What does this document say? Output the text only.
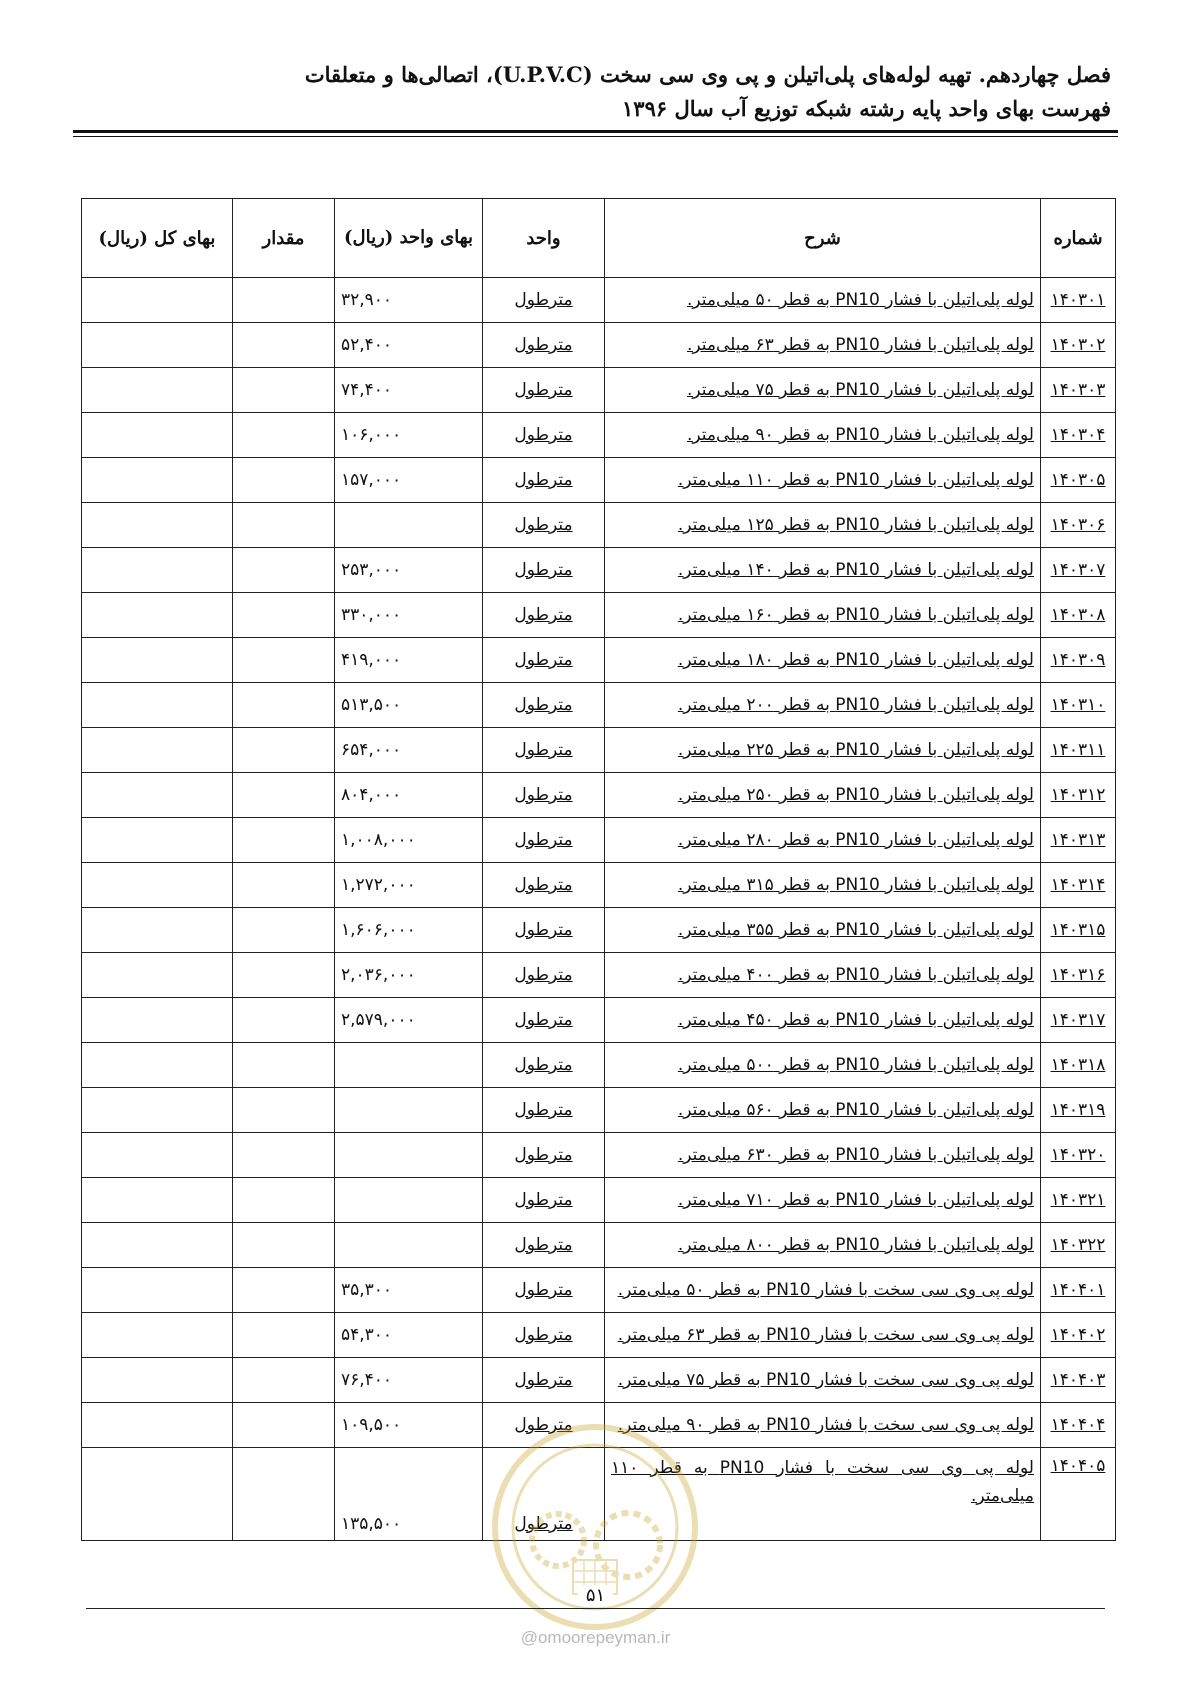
فصل چهاردهم. تهیه لوله‌های پلی‌اتیلن و پی وی سی سخت (U.P.V.C)، اتصالی‌ها و متعلقات
فهرست بهای واحد پایه رشته شبکه توزیع آب سال ۱۳۹۶
شماره	شرح	واحد	بهای واحد (ریال)	مقدار	بهای کل (ریال)
۱۴۰۳۰۱	لوله پلی‌اتیلن با فشار PN10 به قطر ۵۰ میلی‌متر.	مترطول	۳۲,۹۰۰		
۱۴۰۳۰۲	لوله پلی‌اتیلن با فشار PN10 به قطر ۶۳ میلی‌متر.	مترطول	۵۲,۴۰۰		
۱۴۰۳۰۳	لوله پلی‌اتیلن با فشار PN10 به قطر ۷۵ میلی‌متر.	مترطول	۷۴,۴۰۰		
۱۴۰۳۰۴	لوله پلی‌اتیلن با فشار PN10 به قطر ۹۰ میلی‌متر.	مترطول	۱۰۶,۰۰۰		
۱۴۰۳۰۵	لوله پلی‌اتیلن با فشار PN10 به قطر ۱۱۰ میلی‌متر.	مترطول	۱۵۷,۰۰۰		
۱۴۰۳۰۶	لوله پلی‌اتیلن با فشار PN10 به قطر ۱۲۵ میلی‌متر.	مترطول			
۱۴۰۳۰۷	لوله پلی‌اتیلن با فشار PN10 به قطر ۱۴۰ میلی‌متر.	مترطول	۲۵۳,۰۰۰		
۱۴۰۳۰۸	لوله پلی‌اتیلن با فشار PN10 به قطر ۱۶۰ میلی‌متر.	مترطول	۳۳۰,۰۰۰		
۱۴۰۳۰۹	لوله پلی‌اتیلن با فشار PN10 به قطر ۱۸۰ میلی‌متر.	مترطول	۴۱۹,۰۰۰		
۱۴۰۳۱۰	لوله پلی‌اتیلن با فشار PN10 به قطر ۲۰۰ میلی‌متر.	مترطول	۵۱۳,۵۰۰		
۱۴۰۳۱۱	لوله پلی‌اتیلن با فشار PN10 به قطر ۲۲۵ میلی‌متر.	مترطول	۶۵۴,۰۰۰		
۱۴۰۳۱۲	لوله پلی‌اتیلن با فشار PN10 به قطر ۲۵۰ میلی‌متر.	مترطول	۸۰۴,۰۰۰		
۱۴۰۳۱۳	لوله پلی‌اتیلن با فشار PN10 به قطر ۲۸۰ میلی‌متر.	مترطول	۱,۰۰۸,۰۰۰		
۱۴۰۳۱۴	لوله پلی‌اتیلن با فشار PN10 به قطر ۳۱۵ میلی‌متر.	مترطول	۱,۲۷۲,۰۰۰		
۱۴۰۳۱۵	لوله پلی‌اتیلن با فشار PN10 به قطر ۳۵۵ میلی‌متر.	مترطول	۱,۶۰۶,۰۰۰		
۱۴۰۳۱۶	لوله پلی‌اتیلن با فشار PN10 به قطر ۴۰۰ میلی‌متر.	مترطول	۲,۰۳۶,۰۰۰		
۱۴۰۳۱۷	لوله پلی‌اتیلن با فشار PN10 به قطر ۴۵۰ میلی‌متر.	مترطول	۲,۵۷۹,۰۰۰		
۱۴۰۳۱۸	لوله پلی‌اتیلن با فشار PN10 به قطر ۵۰۰ میلی‌متر.	مترطول			
۱۴۰۳۱۹	لوله پلی‌اتیلن با فشار PN10 به قطر ۵۶۰ میلی‌متر.	مترطول			
۱۴۰۳۲۰	لوله پلی‌اتیلن با فشار PN10 به قطر ۶۳۰ میلی‌متر.	مترطول			
۱۴۰۳۲۱	لوله پلی‌اتیلن با فشار PN10 به قطر ۷۱۰ میلی‌متر.	مترطول			
۱۴۰۳۲۲	لوله پلی‌اتیلن با فشار PN10 به قطر ۸۰۰ میلی‌متر.	مترطول			
۱۴۰۴۰۱	لوله پی وی سی سخت با فشار PN10 به قطر ۵۰ میلی‌متر.	مترطول	۳۵,۳۰۰		
۱۴۰۴۰۲	لوله پی وی سی سخت با فشار PN10 به قطر ۶۳ میلی‌متر.	مترطول	۵۴,۳۰۰		
۱۴۰۴۰۳	لوله پی وی سی سخت با فشار PN10 به قطر ۷۵ میلی‌متر.	مترطول	۷۶,۴۰۰		
۱۴۰۴۰۴	لوله پی وی سی سخت با فشار PN10 به قطر ۹۰ میلی‌متر.	مترطول	۱۰۹,۵۰۰		
۱۴۰۴۰۵	لوله پی وی سی سخت با فشار PN10 به قطر ۱۱۰ میلی‌متر.	مترطول	۱۳۵,۵۰۰		
۵۱
@omoorepeyman.ir
